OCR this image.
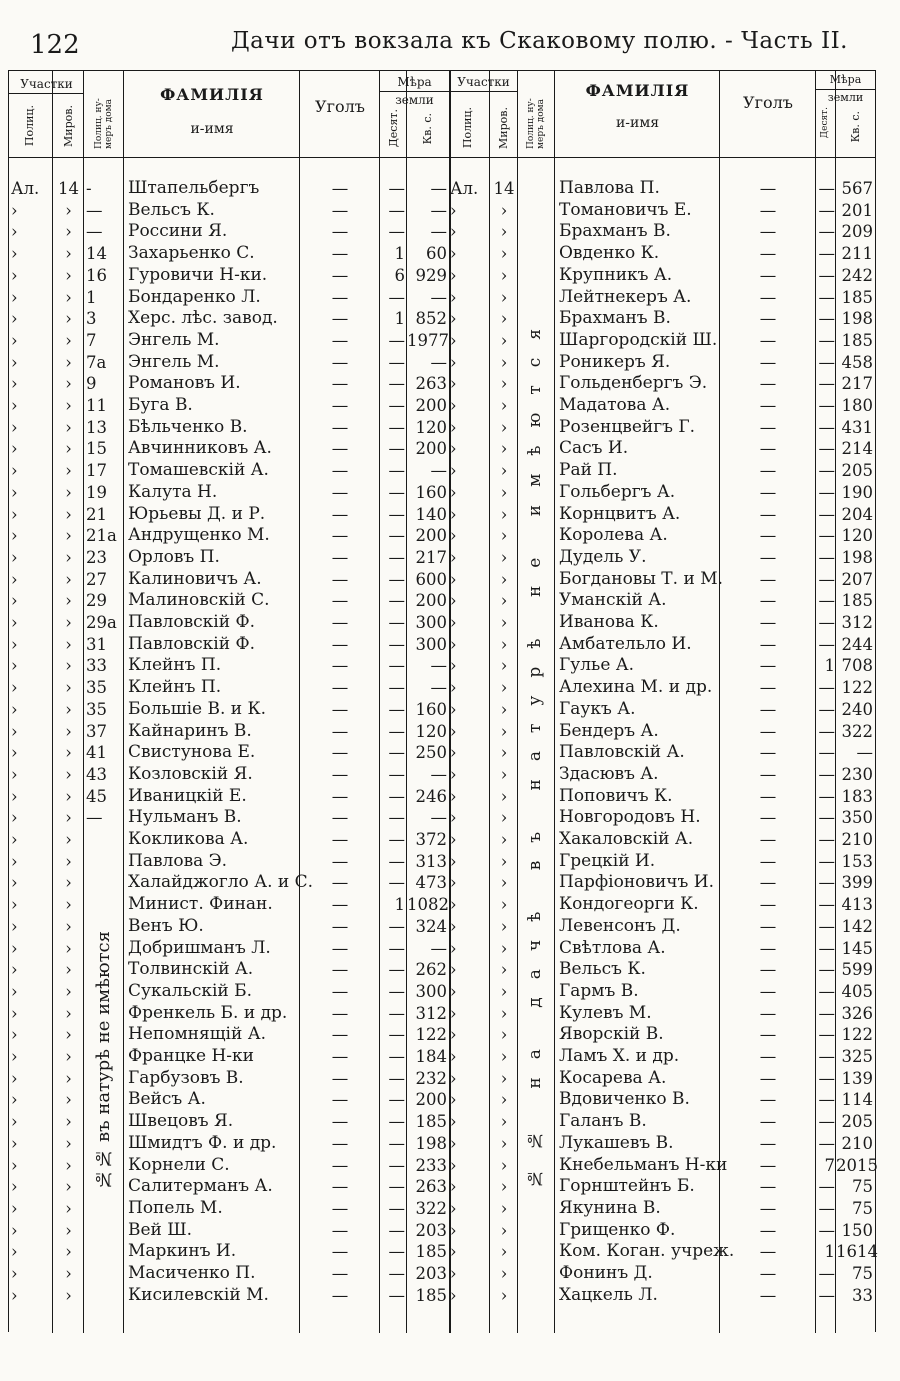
122	Дачи отъ вокзала къ Скаковому полю. - Часть II.
Участки	Мѣра земли
Полиц. Миров. Полиц. ну- меръ дома
ФАМИЛІЯ
и-имя
Уголъ
Десят. Кв. с.
Ал.	14 -	Штапельбергъ	—	—	—
›	› —	Вельсъ К.	—	—	—
›	› —	Россини Я.	—	—	—
›	› 14	Захарьенко С.	—	1	60
›	› 16	Гуровичи Н-ки.	—	6 929
›	› 1	Бондаренко Л.	—	—	—
›	› 3	Херс. лѣс. завод.	—	1 852
›	› 7	Энгель М.	—	— 1977
›	› 7а	Энгель М.	—	—	—
›	› 9	Романовъ И.	—	— 263
›	› 11	Буга В.	—	— 200
›	› 13	Бѣльченко В.	—	— 120
›	› 15	Авчинниковъ А.	—	— 200
›	› 17	Томашевскій А.	—	—	—
›	› 19	Калута Н.	—	— 160
›	› 21	Юрьевы Д. и Р.	—	— 140
›	› 21а Андрущенко М.	—	— 200
›	› 23	Орловъ П.	—	— 217
›	› 27	Калиновичъ А.	—	— 600
›	› 29	Малиновскій С.	—	— 200
›	› 29а Павловскій Ф.	—	— 300
›	› 31	Павловскій Ф.	—	— 300
›	› 33	Клейнъ П.	—	—	—
›	› 35	Клейнъ П.	—	—	—
›	› 35	Большіе В. и К.	—	— 160
›	› 37	Кайнаринъ В.	—	— 120
›	› 41	Свистунова Е.	—	— 250
›	› 43	Козловскій Я.	—	—	—
›	› 45	Иваницкій Е.	—	— 246
›	› —	Нульманъ В.	—	—	—
›	›	Кокликова А.	—	— 372
›	›	Павлова Э.	—	— 313
›	›	Халайджогло А. и С.	—	— 473
›	›	Минист. Финан.	—	1 1082
›	›	Венъ Ю.	—	— 324
›	›	Добришманъ Л.	—	—	—
›	›	Толвинскій А.	—	— 262
›	›	Сукальскій Б.	—	— 300
›	›	Френкель Б. и др.	—	— 312
›	›	Непомнящій А.	—	— 122
›	›	Францке Н-ки	—	— 184
›	›	Гарбузовъ В.	—	— 232
›	›	Вейсъ А.	—	— 200
›	›	Швецовъ Я.	—	— 185
›	›	Шмидтъ Ф. и др.	—	— 198
›	›	Корнели С.	—	— 233
›	›	Салитерманъ А.	—	— 263
›	›	Попель М.	—	— 322
›	›	Вей Ш.	—	— 203
›	›	Маркинъ И.	—	— 185
›	›	Масиченко П.	—	— 203
›	›	Кисилевскій М.	—	— 185
№№ въ натурѣ не имѣются
Участки	Мѣра земли
Полиц. Миров. Полиц. ну- меръ дома
ФАМИЛІЯ
и-имя
Уголъ
Десят. Кв. с.
Ал. 14	Павлова П.	—	— 567
›	›	Томановичъ Е.	—	— 201
›	›	Брахманъ В.	—	— 209
›	›	Овденко К.	—	— 211
›	›	Крупникъ А.	—	— 242
›	›	Лейтнекеръ А.	—	— 185
›	›	Брахманъ В.	—	— 198
›	›	Шаргородскій Ш.	—	— 185
›	›	Роникеръ Я.	—	— 458
›	›	Гольденбергъ Э.	—	— 217
›	›	Мадатова А.	—	— 180
›	›	Розенцвейгъ Г.	—	— 431
›	›	Сасъ И.	—	— 214
›	›	Рай П.	—	— 205
›	›	Гольбергъ А.	—	— 190
›	›	Корнцвитъ А.	—	— 204
›	›	Королева А.	—	— 120
›	›	Дудель У.	—	— 198
›	›	Богдановы Т. и М.	—	— 207
›	›	Уманскій А.	—	— 185
›	›	Иванова К.	—	— 312
›	›	Амбательло И.	—	— 244
›	›	Гулье А.	—	1 708
›	›	Алехина М. и др.	—	— 122
›	›	Гаукъ А.	—	— 240
›	›	Бендеръ А.	—	— 322
›	›	Павловскій А.	—	—	—
›	›	Здасювъ А.	—	— 230
›	›	Поповичъ К.	—	— 183
›	›	Новгородовъ Н.	—	— 350
›	›	Хакаловскій А.	—	— 210
›	›	Грецкій И.	—	— 153
›	›	Парфіоновичъ И.	—	— 399
›	›	Кондогеорги К.	—	— 413
›	›	Левенсонъ Д.	—	— 142
›	›	Свѣтлова А.	—	— 145
›	›	Вельсъ К.	—	— 599
›	›	Гармъ В.	—	— 405
›	›	Кулевъ М.	—	— 326
›	›	Яворскій В.	—	— 122
›	›	Ламъ Х. и др.	—	— 325
›	›	Косарева А.	—	— 139
›	›	Вдовиченко В.	—	— 114
›	›	Галанъ В.	—	— 205
›	›	Лукашевъ В.	—	— 210
›	›	Кнебельманъ Н-ки	—	7 2015
›	›	Горнштейнъ Б.	—	—	75
›	›	Якунина В.	—	—	75
›	›	Грищенко Ф.	—	— 150
›	›	Ком. Коган. учреж.	—	1 1614
›	›	Фонинъ Д.	—	—	75
›	›	Хацкель Л.	—	—	33
№№ на дачѣ въ натурѣ не имѣются
